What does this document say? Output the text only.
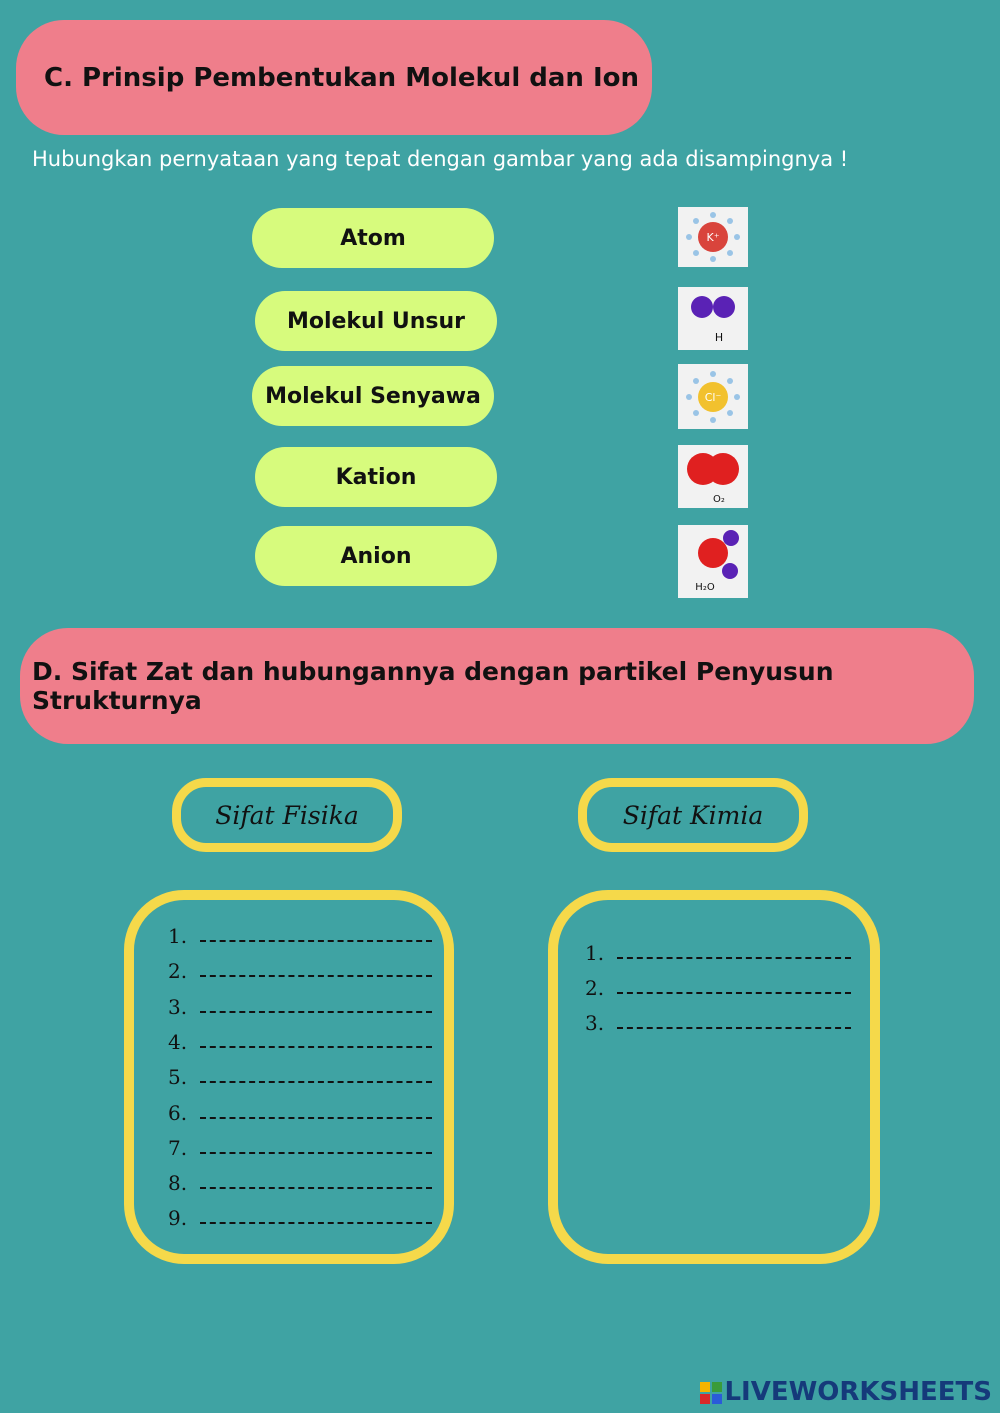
C. Prinsip Pembentukan Molekul dan Ion
Hubungkan pernyataan yang tepat dengan gambar yang ada disampingnya !
Atom
Molekul Unsur
Molekul Senyawa
Kation
Anion
K⁺
H
Cl⁻
O₂
H₂O
D. Sifat Zat dan hubungannya dengan partikel Penyusun Strukturnya
Sifat Fisika	Sifat Kimia
1.
2.
3.
4.
5.
6.
7.
8.
9.
1.
2.
3.
LIVEWORKSHEETS
